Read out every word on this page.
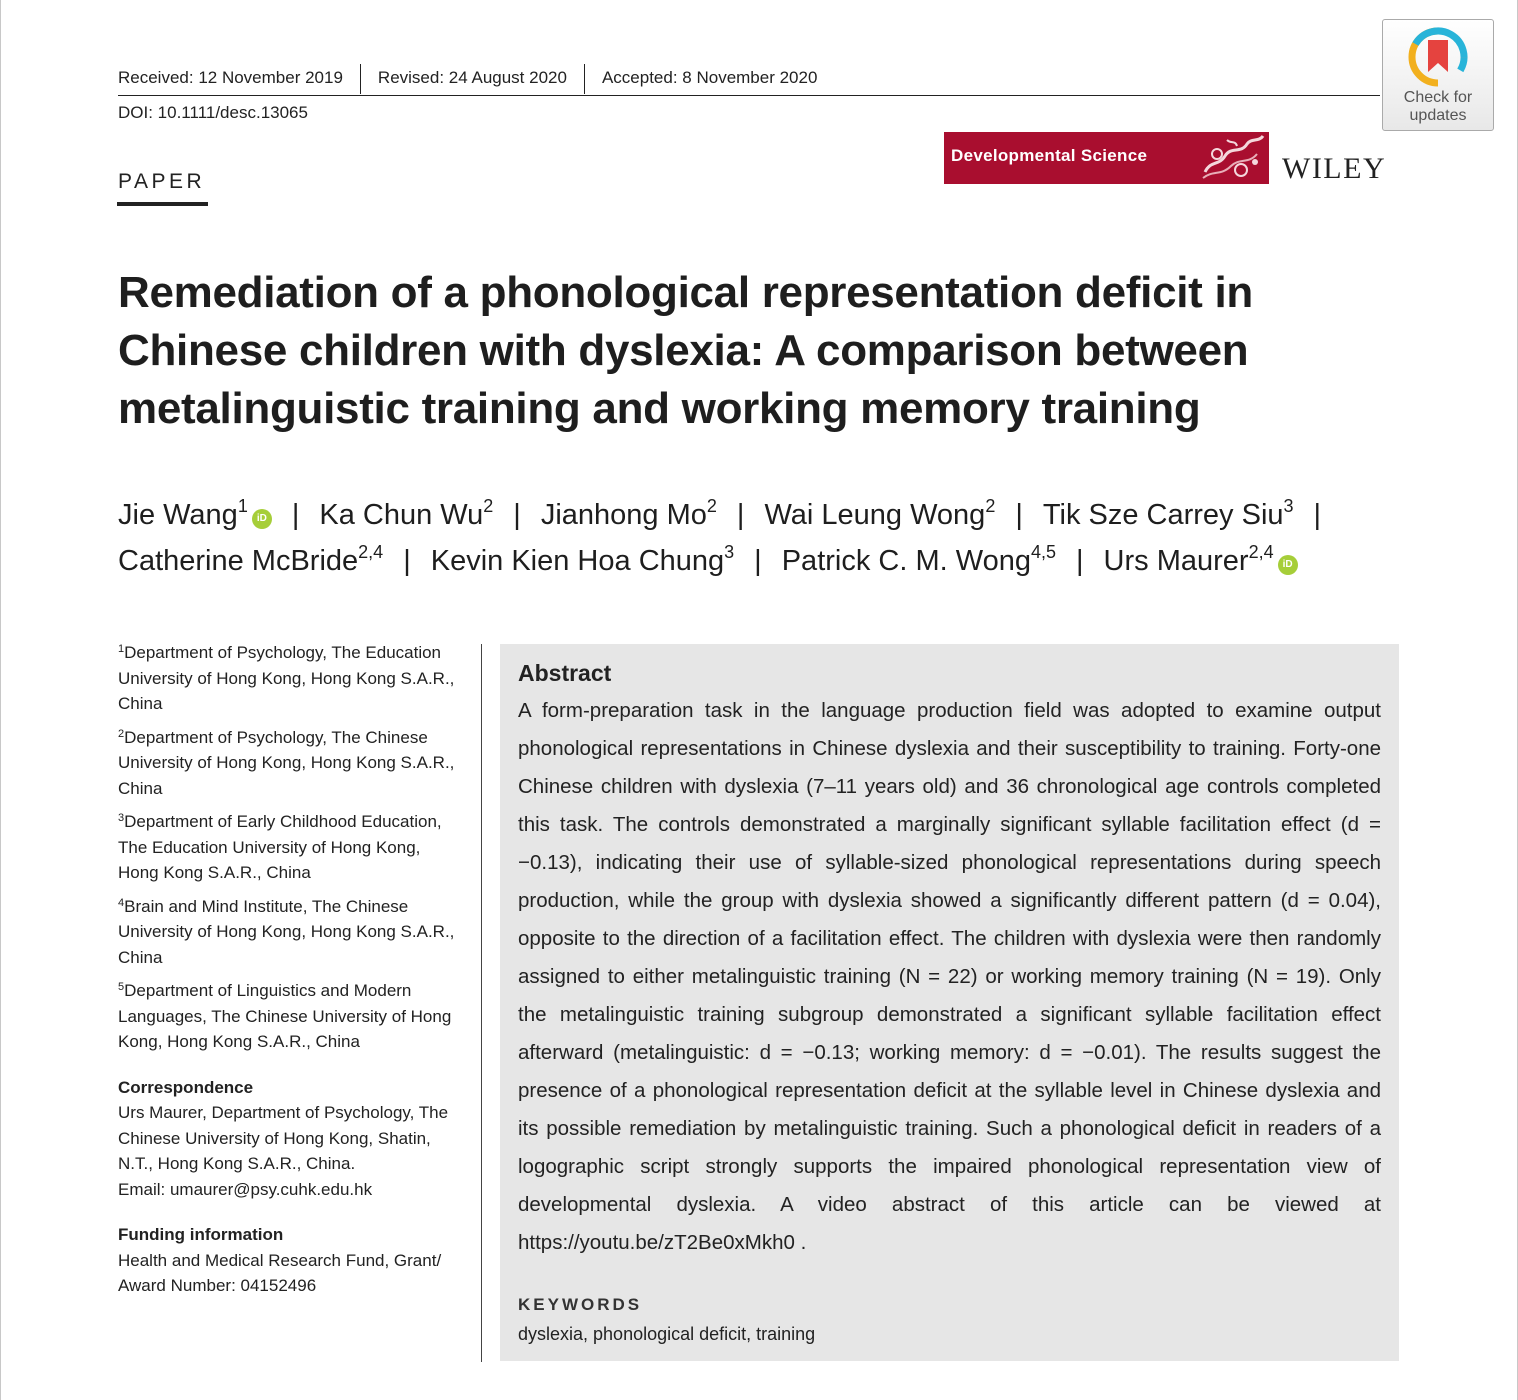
Received: 12 November 2019	Revised: 24 August 2020	Accepted: 8 November 2020
DOI: 10.1111/desc.13065
Check for
updates
PAPER
Developmental Science	WILEY
Remediation of a phonological representation deficit in Chinese children with dyslexia: A comparison between metalinguistic training and working memory training
Jie Wang$^1$iD | Ka Chun Wu$^2$ | Jianhong Mo$^2$ | Wai Leung Wong$^2$ | Tik Sze Carrey Siu$^3$ |
Catherine McBride$^{2,4}$ | Kevin Kien Hoa Chung$^3$ | Patrick C. M. Wong$^{4,5}$ | Urs Maurer$^{2,4}$iD
$^1$Department of Psychology, The Education University of Hong Kong, Hong Kong S.A.R., China
$^2$Department of Psychology, The Chinese University of Hong Kong, Hong Kong S.A.R., China
$^3$Department of Early Childhood Education, The Education University of Hong Kong, Hong Kong S.A.R., China
$^4$Brain and Mind Institute, The Chinese University of Hong Kong, Hong Kong S.A.R., China
$^5$Department of Linguistics and Modern Languages, The Chinese University of Hong Kong, Hong Kong S.A.R., China
Correspondence
Urs Maurer, Department of Psychology, The Chinese University of Hong Kong, Shatin, N.T., Hong Kong S.A.R., China.
Email: umaurer@psy.cuhk.edu.hk
Funding information
Health and Medical Research Fund, Grant/ Award Number: 04152496
Abstract
A form-preparation task in the language production field was adopted to examine output phonological representations in Chinese dyslexia and their susceptibility to training. Forty-one Chinese children with dyslexia (7–11 years old) and 36 chronological age controls completed this task. The controls demonstrated a marginally significant syllable facilitation effect (d = −0.13), indicating their use of syllable-sized phonological representations during speech production, while the group with dyslexia showed a significantly different pattern (d = 0.04), opposite to the direction of a facilitation effect. The children with dyslexia were then randomly assigned to either metalinguistic training (N = 22) or working memory training (N = 19). Only the metalinguistic training subgroup demonstrated a significant syllable facilitation effect afterward (metalinguistic: d = −0.13; working memory: d = −0.01). The results suggest the presence of a phonological representation deficit at the syllable level in Chinese dyslexia and its possible remediation by metalinguistic training. Such a phonological deficit in readers of a logographic script strongly supports the impaired phonological representation view of developmental dyslexia. A video abstract of this article can be viewed at https://youtu.be/zT2Be0xMkh0 .
KEYWORDS
dyslexia, phonological deficit, training
